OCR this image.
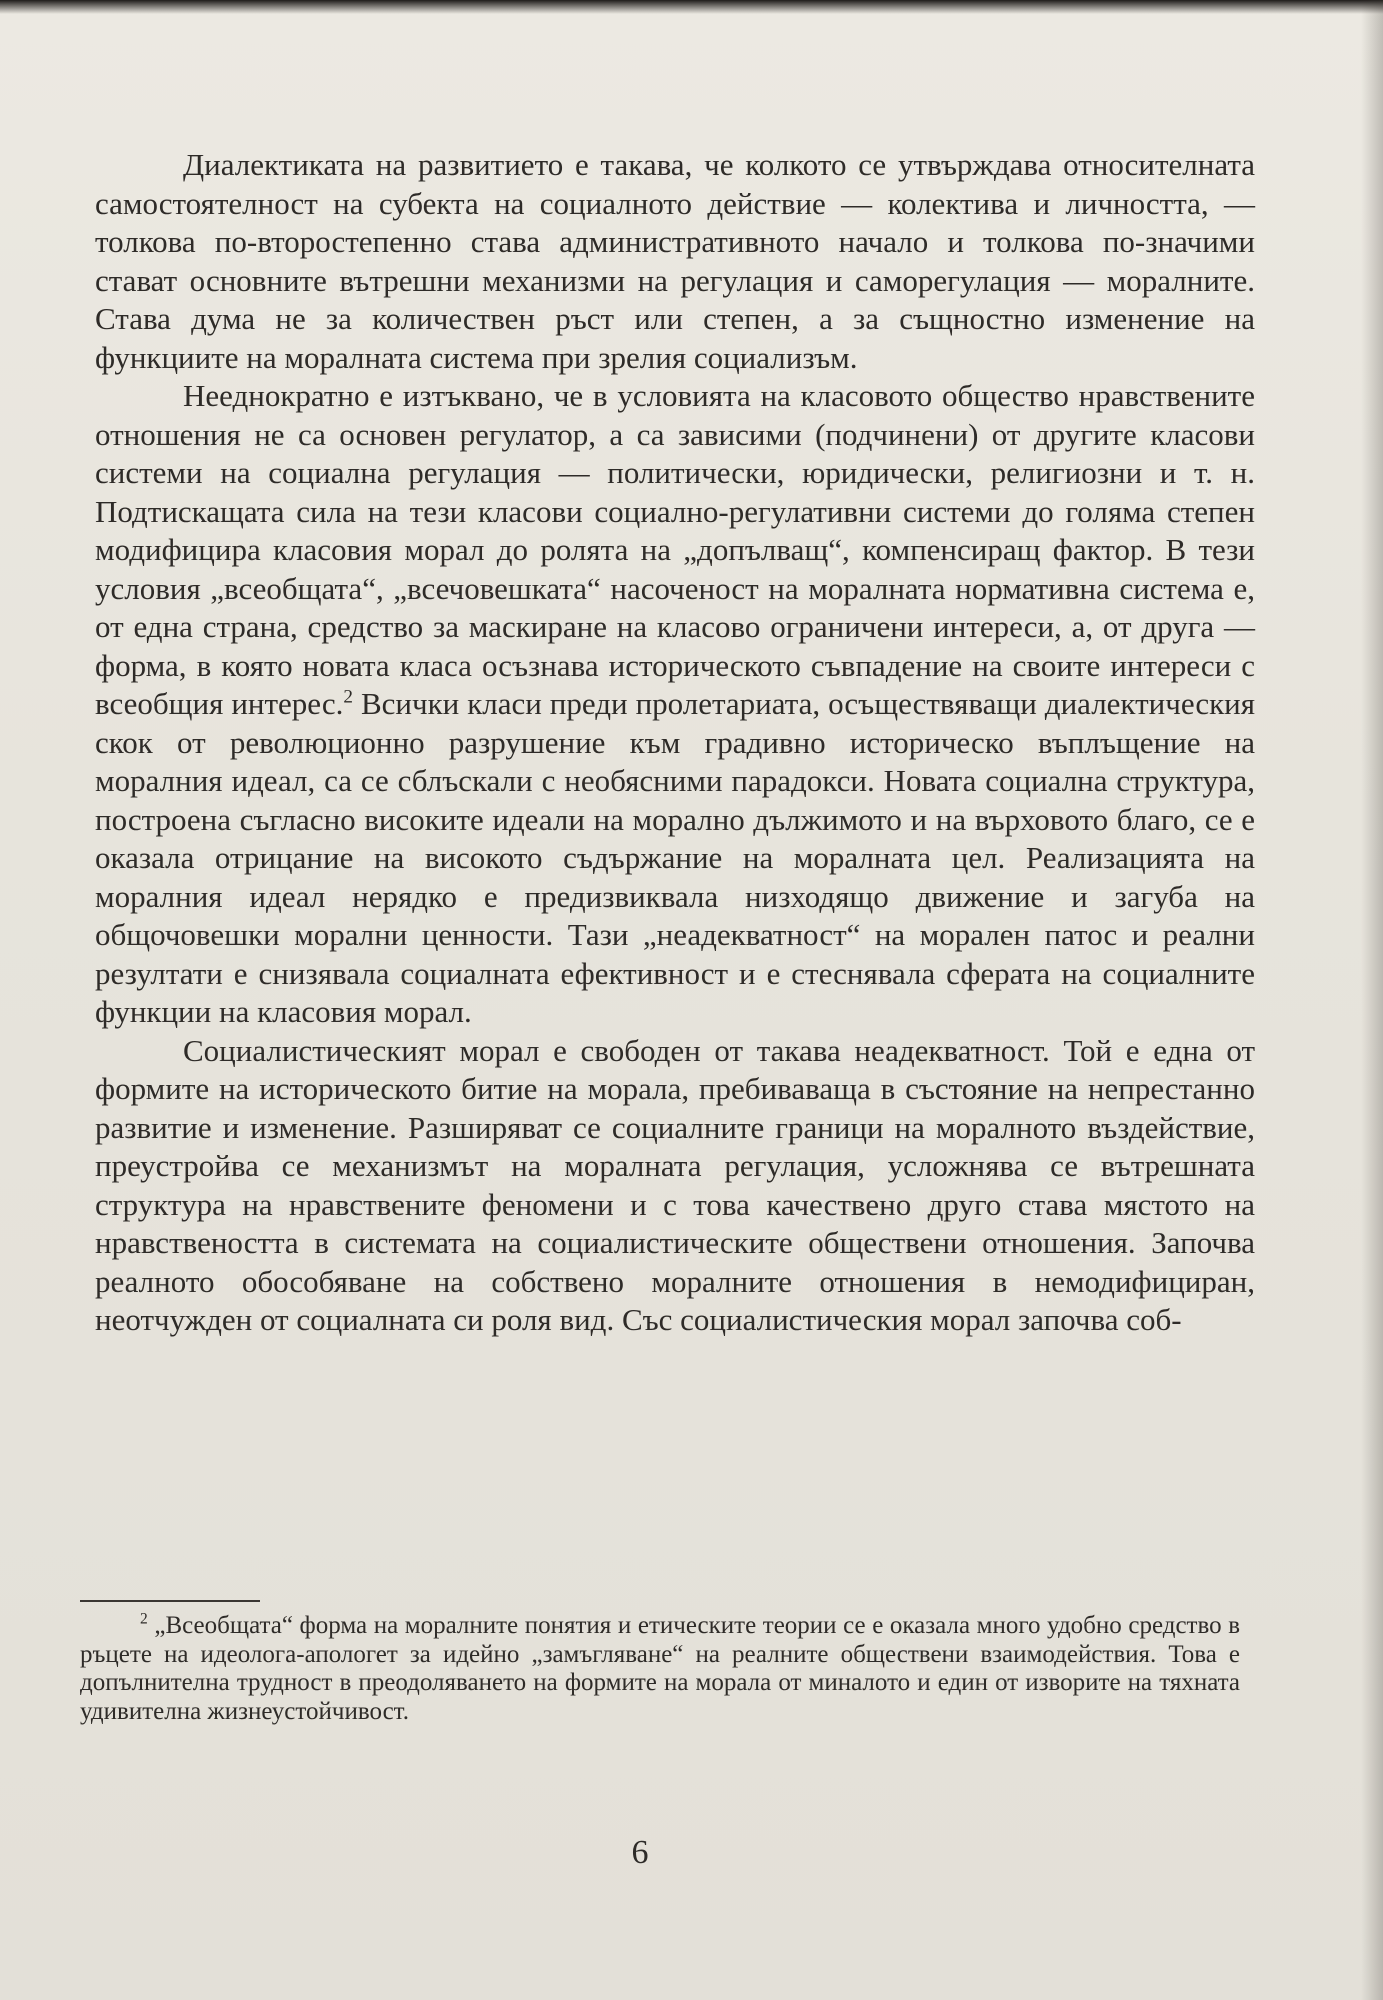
Диалектиката на развитието е такава, че колкото се утвърждава относителната самостоятелност на субекта на социалното действие — колектива и личността, — толкова по-второстепенно става административното начало и толкова по-значими стават основните вътрешни механизми на регулация и саморегулация — моралните. Става дума не за количествен ръст или степен, а за същностно изменение на функциите на моралната система при зрелия социализъм.

Нееднократно е изтъквано, че в условията на класовото общество нравствените отношения не са основен регулатор, а са зависими (подчинени) от другите класови системи на социална регулация — политически, юридически, религиозни и т. н. Подтискащата сила на тези класови социално-регулативни системи до голяма степен модифицира класовия морал до ролята на „допълващ“, компенсиращ фактор. В тези условия „всеобщата“, „всечовешката“ насоченост на моралната нормативна система е, от една страна, средство за маскиране на класово ограничени интереси, а, от друга — форма, в която новата класа осъзнава историческото съвпадение на своите интереси с всеобщия интерес.$^2$ Всички класи преди пролетариата, осъществяващи диалектическия скок от революционно разрушение към градивно историческо въплъщение на моралния идеал, са се сблъскали с необясними парадокси. Новата социална структура, построена съгласно високите идеали на морално дължимото и на върховото благо, се е оказала отрицание на високото съдържание на моралната цел. Реализацията на моралния идеал нерядко е предизвиквала низходящо движение и загуба на общочовешки морални ценности. Тази „неадекватност“ на морален патос и реални резултати е снизявала социалната ефективност и е стеснявала сферата на социалните функции на класовия морал.

Социалистическият морал е свободен от такава неадекватност. Той е една от формите на историческото битие на морала, пребиваваща в състояние на непрестанно развитие и изменение. Разширяват се социалните граници на моралното въздействие, преустройва се механизмът на моралната регулация, усложнява се вътрешната структура на нравствените феномени и с това качествено друго става мястото на нравствеността в системата на социалистическите обществени отношения. Започва реалното обособяване на собствено моралните отношения в немодифициран, неотчужден от социалната си роля вид. Със социалистическия морал започва соб-

$^2$ „Всеобщата“ форма на моралните понятия и етическите теории се е оказала много удобно средство в ръцете на идеолога-апологет за идейно „замъгляване“ на реалните обществени взаимодействия. Това е допълнителна трудност в преодоляването на формите на морала от миналото и един от изворите на тяхната удивителна жизнеустойчивост.

6
